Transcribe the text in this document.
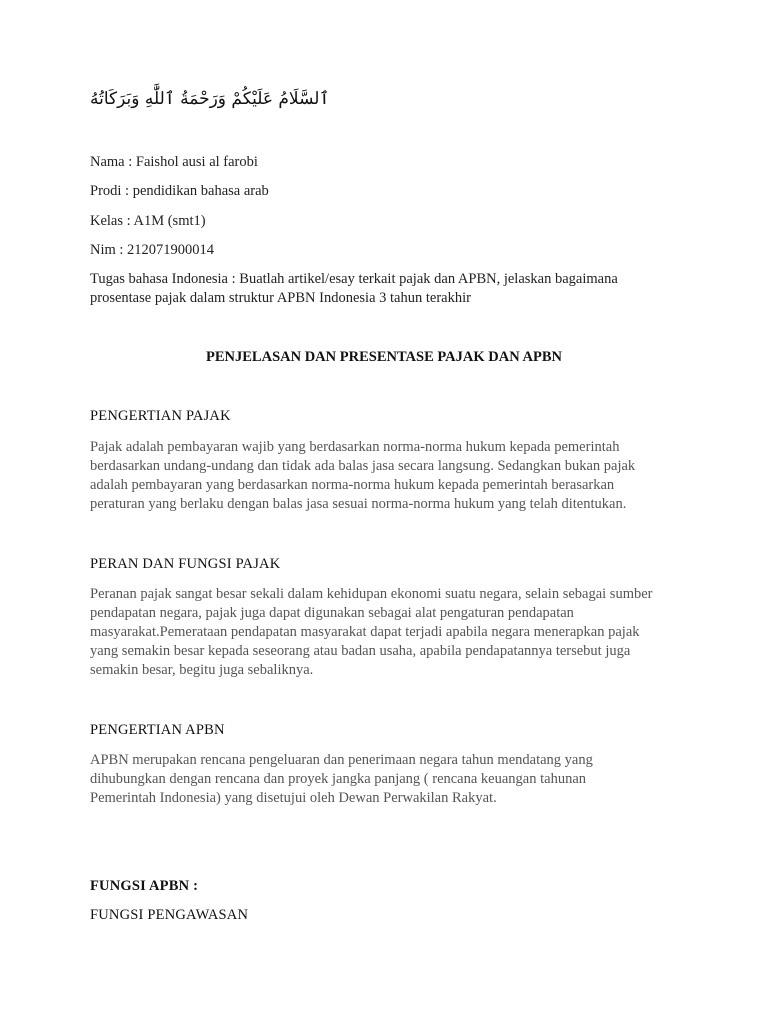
ٱلسَّلَامُ عَلَيْكُمْ وَرَحْمَةُ ٱللَّٰهِ وَبَرَكَاتُهُ
Nama : Faishol ausi al farobi
Prodi : pendidikan bahasa arab
Kelas : A1M (smt1)
Nim : 212071900014
Tugas bahasa Indonesia : Buatlah artikel/esay terkait pajak dan APBN, jelaskan bagaimana
prosentase pajak dalam struktur APBN Indonesia 3 tahun terakhir
PENJELASAN DAN PRESENTASE PAJAK DAN APBN
PENGERTIAN PAJAK
Pajak adalah pembayaran wajib yang berdasarkan norma-norma hukum kepada pemerintah
berdasarkan undang-undang dan tidak ada balas jasa secara langsung. Sedangkan bukan pajak
adalah pembayaran yang berdasarkan norma-norma hukum kepada pemerintah berasarkan
peraturan yang berlaku dengan balas jasa sesuai norma-norma hukum yang telah ditentukan.
PERAN DAN FUNGSI PAJAK
Peranan pajak sangat besar sekali dalam kehidupan ekonomi suatu negara, selain sebagai sumber
pendapatan negara, pajak juga dapat digunakan sebagai alat pengaturan pendapatan
masyarakat.Pemerataan pendapatan masyarakat dapat terjadi apabila negara menerapkan pajak
yang semakin besar kepada seseorang atau badan usaha, apabila pendapatannya tersebut juga
semakin besar, begitu juga sebaliknya.
PENGERTIAN APBN
APBN merupakan rencana pengeluaran dan penerimaan negara tahun mendatang yang
dihubungkan dengan rencana dan proyek jangka panjang ( rencana keuangan tahunan
Pemerintah Indonesia) yang disetujui oleh Dewan Perwakilan Rakyat.
FUNGSI APBN :
FUNGSI PENGAWASAN
